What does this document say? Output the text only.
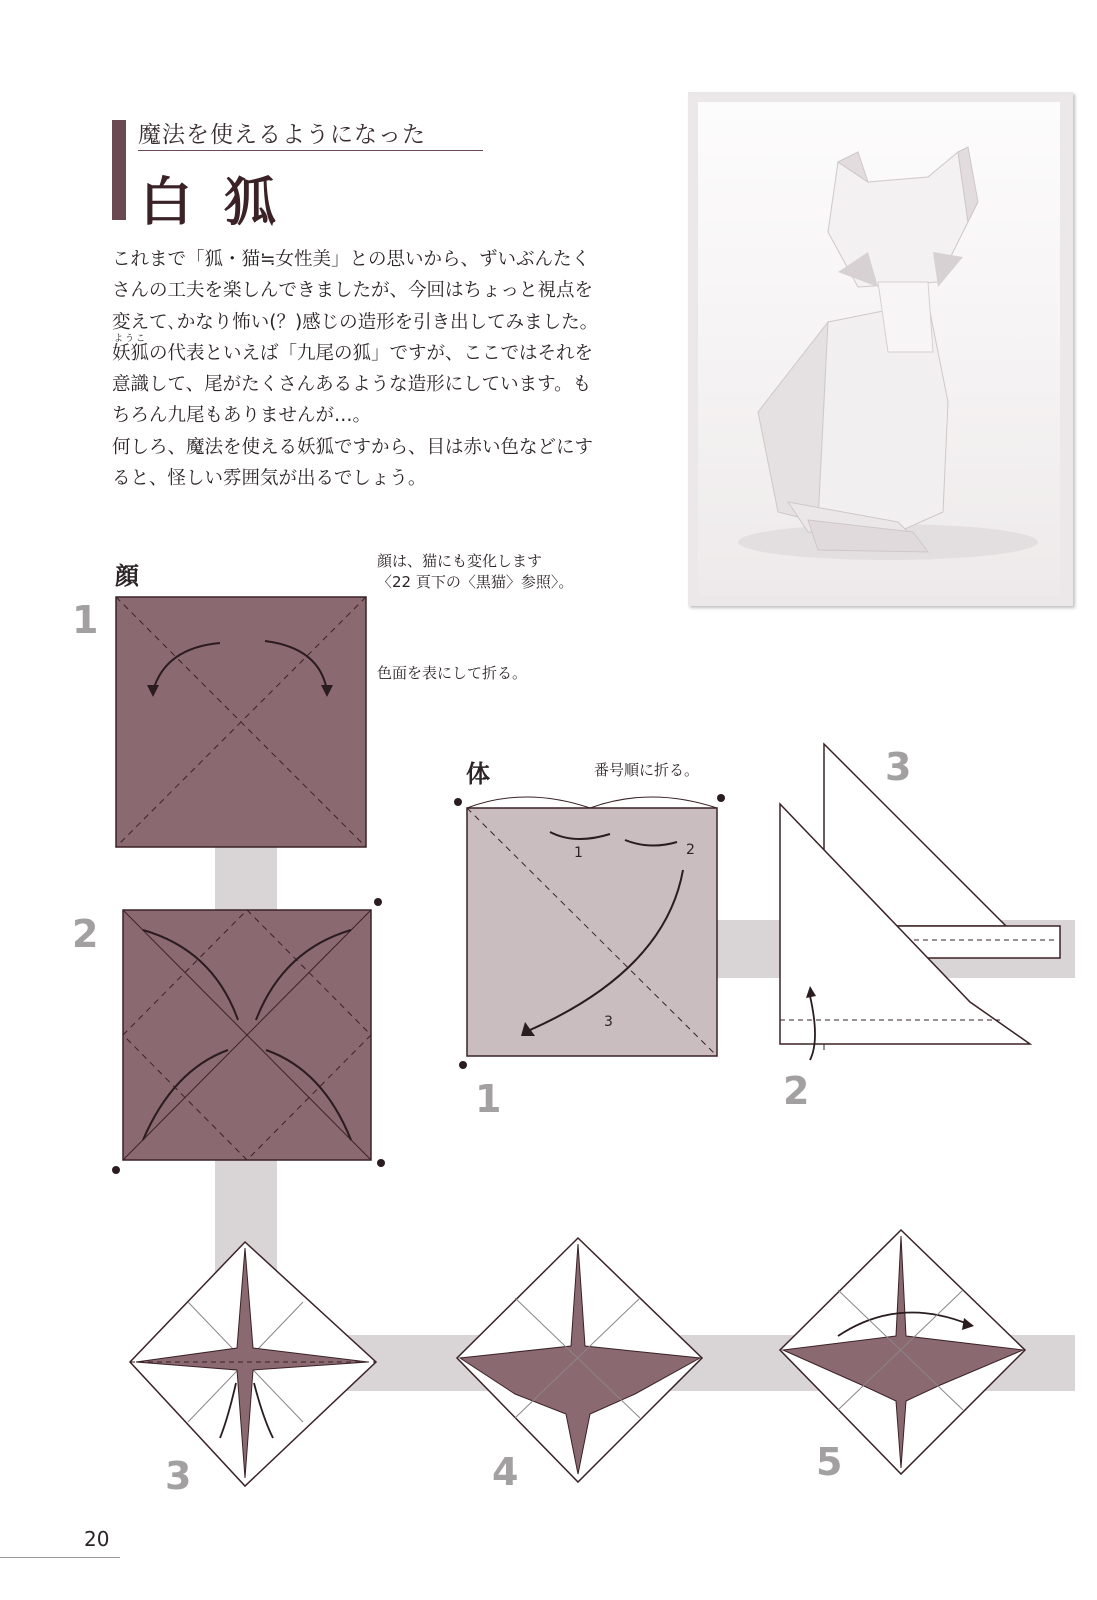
魔法を使えるようになった
白狐
ようこ

これまで「狐・猫≒女性美」との思いから、ずいぶんたく

さんの工夫を楽しんできましたが、今回はちょっと視点を

変えて､かなり怖い(？)感じの造形を引き出してみました。

妖狐の代表といえば「九尾の狐」ですが、ここではそれを

意識して、尾がたくさんあるような造形にしています。も

ちろん九尾もありませんが…。

何しろ、魔法を使える妖狐ですから、目は赤い色などにす

ると、怪しい雰囲気が出るでしょう。

顔
顔は、猫にも変化します
〈22 頁下の〈黒猫〉参照〉。
色面を表にして折る。
1
2
3	4	5
体	番号順に折る。
1	2
3
1	2
3
20
